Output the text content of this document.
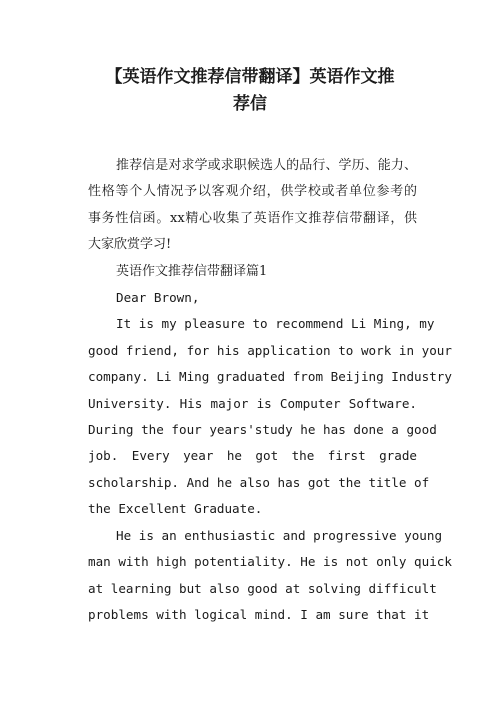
【英语作文推荐信带翻译】英语作文推
荐信
推荐信是对求学或求职候选人的品行、学历、能力、
性格等个人情况予以客观介绍，供学校或者单位参考的
事务性信函。xx精心收集了英语作文推荐信带翻译，供
大家欣赏学习!
英语作文推荐信带翻译篇1
Dear Brown,
It is my pleasure to recommend Li Ming, my
good friend, for his application to work in your
company. Li Ming graduated from Beijing Industry
University. His major is Computer Software.
During the four years'study he has done a good
job. Every year he got the first grade
scholarship. And he also has got the title of
the Excellent Graduate.
He is an enthusiastic and progressive young
man with high potentiality. He is not only quick
at learning but also good at solving difficult
problems with logical mind. I am sure that it
